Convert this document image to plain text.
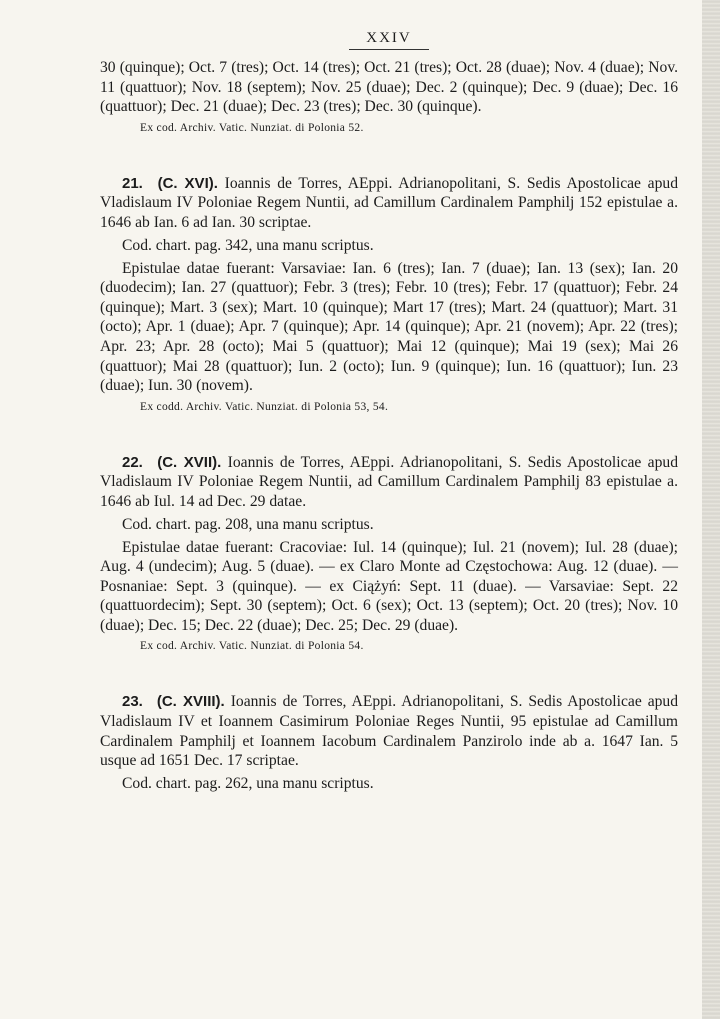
XXIV

30 (quinque); Oct. 7 (tres); Oct. 14 (tres); Oct. 21 (tres); Oct. 28 (duae); Nov. 4 (duae); Nov. 11 (quattuor); Nov. 18 (septem); Nov. 25 (duae); Dec. 2 (quinque); Dec. 9 (duae); Dec. 16 (quattuor); Dec. 21 (duae); Dec. 23 (tres); Dec. 30 (quinque).

Ex cod. Archiv. Vatic. Nunziat. di Polonia 52.

21. (C. XVI). Ioannis de Torres, AEppi. Adrianopolitani, S. Sedis Apostolicae apud Vladislaum IV Poloniae Regem Nuntii, ad Camillum Cardinalem Pamphilj 152 epistulae a. 1646 ab Ian. 6 ad Ian. 30 scriptae.

Cod. chart. pag. 342, una manu scriptus.

Epistulae datae fuerant: Varsaviae: Ian. 6 (tres); Ian. 7 (duae); Ian. 13 (sex); Ian. 20 (duodecim); Ian. 27 (quattuor); Febr. 3 (tres); Febr. 10 (tres); Febr. 17 (quattuor); Febr. 24 (quinque); Mart. 3 (sex); Mart. 10 (quinque); Mart 17 (tres); Mart. 24 (quattuor); Mart. 31 (octo); Apr. 1 (duae); Apr. 7 (quinque); Apr. 14 (quinque); Apr. 21 (novem); Apr. 22 (tres); Apr. 23; Apr. 28 (octo); Mai 5 (quattuor); Mai 12 (quinque); Mai 19 (sex); Mai 26 (quattuor); Mai 28 (quattuor); Iun. 2 (octo); Iun. 9 (quinque); Iun. 16 (quattuor); Iun. 23 (duae); Iun. 30 (novem).

Ex codd. Archiv. Vatic. Nunziat. di Polonia 53, 54.

22. (C. XVII). Ioannis de Torres, AEppi. Adrianopolitani, S. Sedis Apostolicae apud Vladislaum IV Poloniae Regem Nuntii, ad Camillum Cardinalem Pamphilj 83 epistulae a. 1646 ab Iul. 14 ad Dec. 29 datae.

Cod. chart. pag. 208, una manu scriptus.

Epistulae datae fuerant: Cracoviae: Iul. 14 (quinque); Iul. 21 (novem); Iul. 28 (duae); Aug. 4 (undecim); Aug. 5 (duae). — ex Claro Monte ad Częstochowa: Aug. 12 (duae). — Posnaniae: Sept. 3 (quinque). — ex Ciążyń: Sept. 11 (duae). — Varsaviae: Sept. 22 (quattuordecim); Sept. 30 (septem); Oct. 6 (sex); Oct. 13 (septem); Oct. 20 (tres); Nov. 10 (duae); Dec. 15; Dec. 22 (duae); Dec. 25; Dec. 29 (duae).

Ex cod. Archiv. Vatic. Nunziat. di Polonia 54.

23. (C. XVIII). Ioannis de Torres, AEppi. Adrianopolitani, S. Sedis Apostolicae apud Vladislaum IV et Ioannem Casimirum Poloniae Reges Nuntii, 95 epistulae ad Camillum Cardinalem Pamphilj et Ioannem Iacobum Cardinalem Panzirolo inde ab a. 1647 Ian. 5 usque ad 1651 Dec. 17 scriptae.

Cod. chart. pag. 262, una manu scriptus.
